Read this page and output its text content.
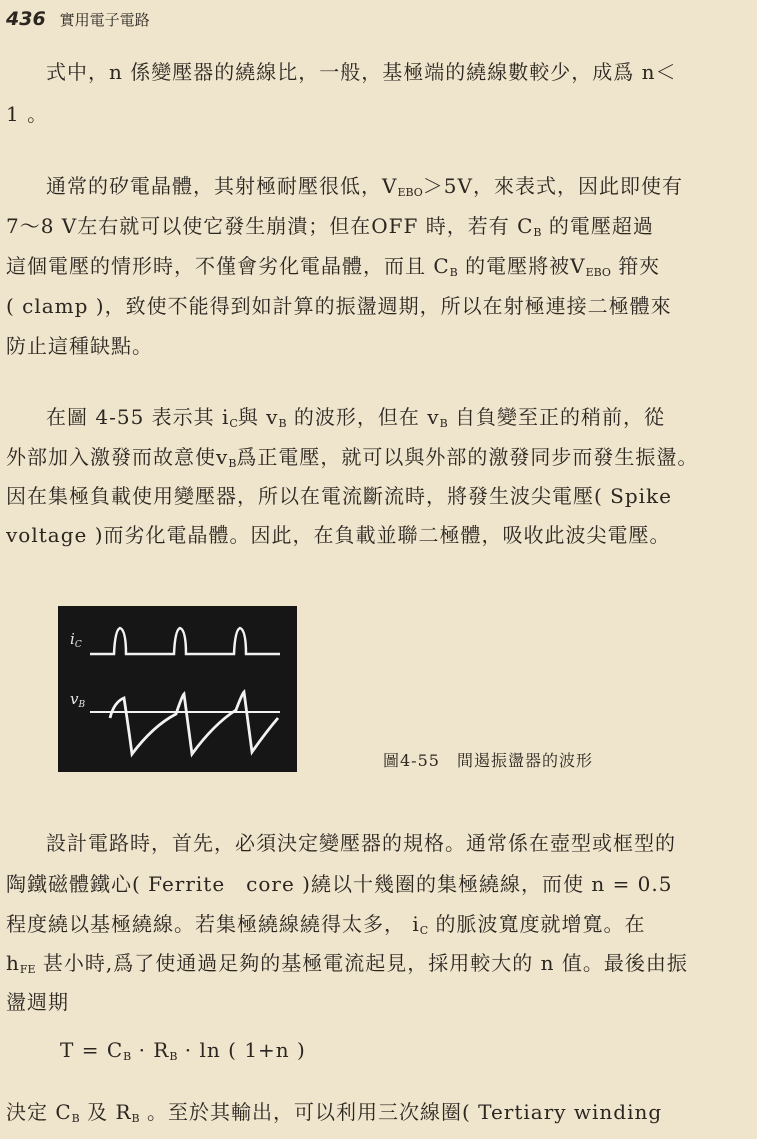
436 實用電子電路
式中，n 係變壓器的繞線比，一般，基極端的繞線數較少，成爲 n＜
1 。
通常的矽電晶體，其射極耐壓很低，$V_{EBO}>5V$，來表式，因此即使有
7～8 V左右就可以使它發生崩潰；但在OFF 時，若有 $C_B$ 的電壓超過
這個電壓的情形時，不僅會劣化電晶體，而且 $C_B$ 的電壓將被$V_{EBO}$ 箝夾
( clamp )，致使不能得到如計算的振盪週期，所以在射極連接二極體來
防止這種缺點。
在圖 4‑55 表示其 $i_C$與 $v_B$ 的波形，但在 $v_B$ 自負變至正的稍前，從
外部加入激發而故意使$v_B$爲正電壓，就可以與外部的激發同步而發生振盪。
因在集極負載使用變壓器，所以在電流斷流時，將發生波尖電壓( Spike
voltage )而劣化電晶體。因此，在負載並聯二極體，吸收此波尖電壓。
$i_C$
$v_B$
圖4‑55　間遏振盪器的波形
設計電路時，首先，必須決定變壓器的規格。通常係在壺型或框型的
陶鐵磁體鐵心( Ferrite　core )繞以十幾圈的集極繞線，而使 n = 0.5
程度繞以基極繞線。若集極繞線繞得太多， $i_C$ 的脈波寬度就增寬。在
$h_{FE}$ 甚小時,爲了使通過足夠的基極電流起見，採用較大的 n 值。最後由振
盪週期
$T = C_B \cdot R_B \cdot \ln$ ( 1+n )
決定 $C_B$ 及 $R_B$ 。至於其輸出，可以利用三次線圈( Tertiary winding
